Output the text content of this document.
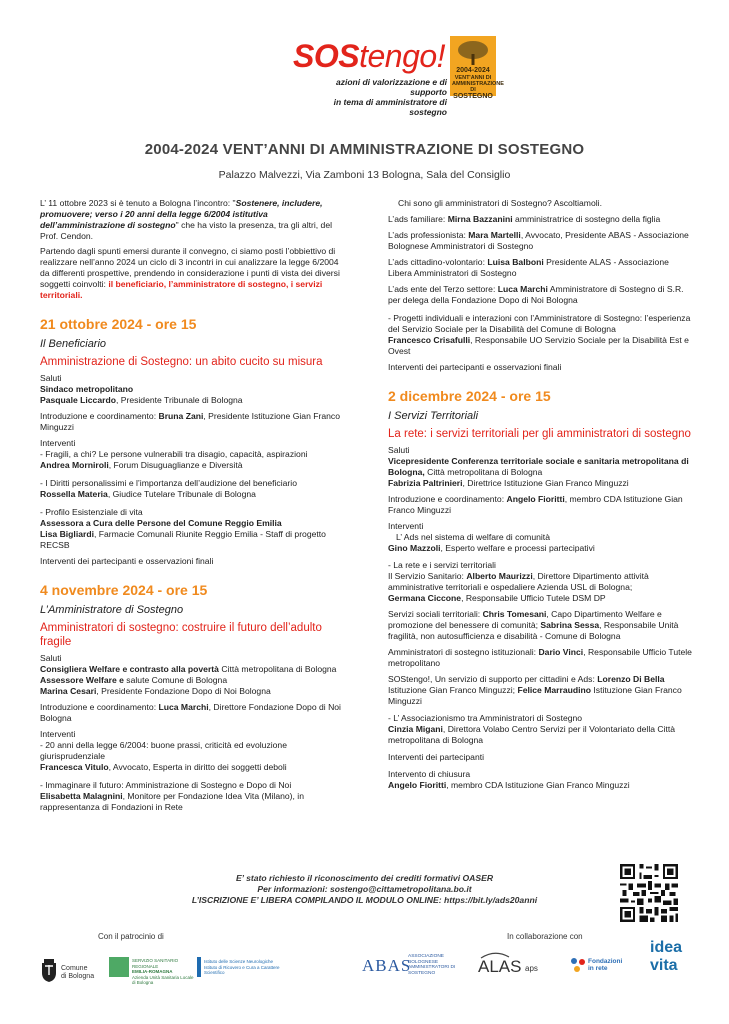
SOStengo!
azioni di valorizzazione e di supporto
in tema di amministratore di sostegno
2004-2024
VENT'ANNI DI
AMMINISTRAZIONE DI
SOSTEGNO
2004-2024 VENT’ANNI DI AMMINISTRAZIONE DI SOSTEGNO
Palazzo Malvezzi, Via Zamboni 13 Bologna, Sala del Consiglio

L’ 11 ottobre 2023 si è tenuto a Bologna l’incontro: "Sostenere, includere, promuovere; verso i 20 anni della legge 6/2004 istitutiva dell’amministrazione di sostegno" che ha visto la presenza, tra gli altri, del Prof. Cendon.

Partendo dagli spunti emersi durante il convegno, ci siamo posti l’obbiettivo di realizzare nell’anno 2024 un ciclo di 3 incontri in cui analizzare la legge 6/2004 da differenti prospettive, prendendo in considerazione i punti di vista dei diversi soggetti coinvolti: il beneficiario, l’amministratore di sostegno, i servizi territoriali.

21 ottobre 2024 - ore 15

Il Beneficiario

Amministrazione di Sostegno: un abito cucito su misura

Saluti
Sindaco metropolitano
Pasquale Liccardo, Presidente Tribunale di Bologna
Introduzione e coordinamento: Bruna Zani, Presidente Istituzione Gian Franco Minguzzi
Interventi
- Fragili, a chi? Le persone vulnerabili tra disagio, capacità, aspirazioni
Andrea Morniroli, Forum Disuguaglianze e Diversità
- I Diritti personalissimi e l’importanza dell’audizione del beneficiario
Rossella Materia, Giudice Tutelare Tribunale di Bologna
- Profilo Esistenziale di vita
Assessora a Cura delle Persone del Comune Reggio Emilia
Lisa Bigliardi, Farmacie Comunali Riunite Reggio Emilia - Staff di progetto RECSB
Interventi dei partecipanti e osservazioni finali

4 novembre 2024 - ore 15

L’Amministratore di Sostegno

Amministratori di sostegno: costruire il futuro dell’adulto fragile

Saluti
Consigliera Welfare e contrasto alla povertà Città metropolitana di Bologna
Assessore Welfare e salute Comune di Bologna
Marina Cesari, Presidente Fondazione Dopo di Noi Bologna
Introduzione e coordinamento: Luca Marchi, Direttore Fondazione Dopo di Noi Bologna
Interventi
- 20 anni della legge 6/2004: buone prassi, criticità ed evoluzione giurisprudenziale
Francesca Vitulo, Avvocato, Esperta in diritto dei soggetti deboli
- Immaginare il futuro: Amministrazione di Sostegno e Dopo di Noi
Elisabetta Malagnini, Monitore per Fondazione Idea Vita (Milano), in rappresentanza di Fondazioni in Rete
Chi sono gli amministratori di Sostegno? Ascoltiamoli.
L’ads familiare: Mirna Bazzanini amministratrice di sostegno della figlia
L’ads professionista: Mara Martelli, Avvocato, Presidente ABAS - Associazione Bolognese Amministratori di Sostegno
L’ads cittadino-volontario: Luisa Balboni Presidente ALAS - Associazione Libera Amministratori di Sostegno
L’ads ente del Terzo settore: Luca Marchi Amministratore di Sostegno di S.R. per delega della Fondazione Dopo di Noi Bologna
- Progetti individuali e interazioni con l’Amministratore di Sostegno: l’esperienza del Servizio Sociale per la Disabilità del Comune di Bologna
Francesco Crisafulli, Responsabile UO Servizio Sociale per la Disabilità Est e Ovest
Interventi dei partecipanti e osservazioni finali

2 dicembre 2024 - ore 15

I Servizi Territoriali

La rete: i servizi territoriali per gli amministratori di sostegno

Saluti
Vicepresidente Conferenza territoriale sociale e sanitaria metropolitana di Bologna, Città metropolitana di Bologna
Fabrizia Paltrinieri, Direttrice Istituzione Gian Franco Minguzzi
Introduzione e coordinamento: Angelo Fioritti, membro CDA Istituzione Gian Franco Minguzzi
Interventi
L’ Ads nel sistema di welfare di comunità
Gino Mazzoli, Esperto welfare e processi partecipativi
- La rete e i servizi territoriali
Il Servizio Sanitario: Alberto Maurizzi, Direttore Dipartimento attività amministrative territoriali e ospedaliere Azienda USL di Bologna;
Germana Ciccone, Responsabile Ufficio Tutele DSM DP
Servizi sociali territoriali: Chris Tomesani, Capo Dipartimento Welfare e promozione del benessere di comunità; Sabrina Sessa, Responsabile Unità fragilità, non autosufficienza e disabilità - Comune di Bologna
Amministratori di sostegno istituzionali: Dario Vinci, Responsabile Ufficio Tutele metropolitano
SOStengo!, Un servizio di supporto per cittadini e Ads: Lorenzo Di Bella Istituzione Gian Franco Minguzzi; Felice Marraudino Istituzione Gian Franco Minguzzi
- L’ Associazionismo tra Amministratori di Sostegno
Cinzia Migani, Direttora Volabo Centro Servizi per il Volontariato della Città metropolitana di Bologna
Interventi dei partecipanti
Intervento di chiusura
Angelo Fioritti, membro CDA Istituzione Gian Franco Minguzzi
E’ stato richiesto il riconoscimento dei crediti formativi OASER
Per informazioni: sostengo@cittametropolitana.bo.it
L’ISCRIZIONE E’ LIBERA COMPILANDO IL MODULO ONLINE: https://bit.ly/ads20anni
Con il patrocinio di	In collaborazione con
Comune
di Bologna
SERVIZIO SANITARIO REGIONALE
EMILIA-ROMAGNA
Azienda Unità Sanitaria Locale di Bologna
Istituto delle Scienze Neurologiche
Istituto di Ricovero e Cura a Carattere Scientifico	ABAS
ASSOCIAZIONE
BOLOGNESE
AMMINISTRATORI DI
SOSTEGNO	ALAS aps
Fondazioni
in rete
idea
vita
